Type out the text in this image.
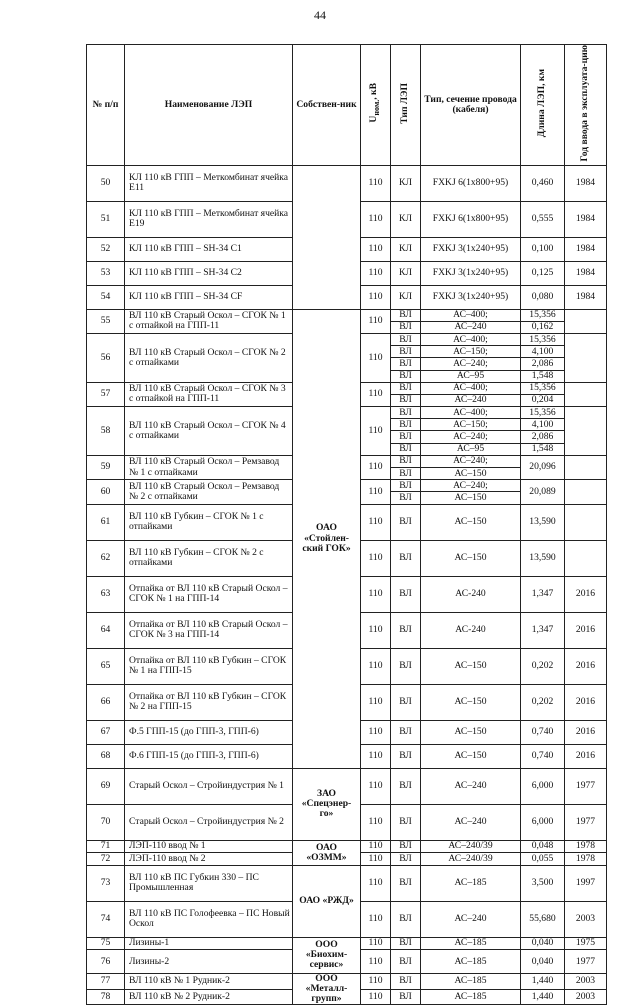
44
№ п/п	Наименование ЛЭП	Собствен-ник	$U_{ном.}$, кВ	Тип ЛЭП	Тип, сечение провода (кабеля)	Длина ЛЭП, км	Год ввода в эксплуата-цию
50	КЛ 110 кВ ГПП – Меткомбинат ячейка Е11		110	КЛ	FXKJ 6(1х800+95)	0,460	1984
51	КЛ 110 кВ ГПП – Меткомбинат ячейка Е19		110	КЛ	FXKJ 6(1х800+95)	0,555	1984
52	КЛ 110 кВ ГПП – SH-34 С1		110	КЛ	FXKJ 3(1х240+95)	0,100	1984
53	КЛ 110 кВ ГПП – SH-34 С2		110	КЛ	FXKJ 3(1х240+95)	0,125	1984
54	КЛ 110 кВ ГПП – SH-34 CF		110	КЛ	FXKJ 3(1х240+95)	0,080	1984
55	ВЛ 110 кВ Старый Оскол – СГОК № 1 с отпайкой на ГПП-11	ОАО «Стойлен-ский ГОК»	110	ВЛ	АС–400;	15,356	
				ВЛ	АС–240	0,162	
56	ВЛ 110 кВ Старый Оскол – СГОК № 2 с отпайками		110	ВЛ	АС–400;	15,356	
				ВЛ	АС–150;	4,100	
				ВЛ	АС–240;	2,086	
				ВЛ	АС–95	1,548	
57	ВЛ 110 кВ Старый Оскол – СГОК № 3 с отпайкой на ГПП-11		110	ВЛ	АС–400;	15,356	
				ВЛ	АС–240	0,204	
58	ВЛ 110 кВ Старый Оскол – СГОК № 4 с отпайками		110	ВЛ	АС–400;	15,356	
				ВЛ	АС–150;	4,100	
				ВЛ	АС–240;	2,086	
				ВЛ	АС–95	1,548	
59	ВЛ 110 кВ Старый Оскол – Ремзавод № 1 с отпайками		110	ВЛ	АС–240;	20,096	
				ВЛ	АС–150		
60	ВЛ 110 кВ Старый Оскол – Ремзавод № 2 с отпайками		110	ВЛ	АС–240;	20,089	
				ВЛ	АС–150		
61	ВЛ 110 кВ Губкин – СГОК № 1 с отпайками		110	ВЛ	АС–150	13,590	
62	ВЛ 110 кВ Губкин – СГОК № 2 с отпайками		110	ВЛ	АС–150	13,590	
63	Отпайка от ВЛ 110 кВ Старый Оскол – СГОК № 1 на ГПП-14		110	ВЛ	АС-240	1,347	2016
64	Отпайка от ВЛ 110 кВ Старый Оскол – СГОК № 3 на ГПП-14		110	ВЛ	АС-240	1,347	2016
65	Отпайка от ВЛ 110 кВ Губкин – СГОК № 1 на ГПП-15		110	ВЛ	АС–150	0,202	2016
66	Отпайка от ВЛ 110 кВ Губкин – СГОК № 2 на ГПП-15		110	ВЛ	АС–150	0,202	2016
67	Ф.5 ГПП-15 (до ГПП-3, ГПП-6)		110	ВЛ	АС–150	0,740	2016
68	Ф.6 ГПП-15 (до ГПП-3, ГПП-6)		110	ВЛ	АС–150	0,740	2016
69	Старый Оскол – Стройиндустрия № 1	ЗАО «Спецэнер-го»	110	ВЛ	АС–240	6,000	1977
70	Старый Оскол – Стройиндустрия № 2		110	ВЛ	АС–240	6,000	1977
71	ЛЭП-110 ввод № 1	ОАО «ОЗММ»	110	ВЛ	АС–240/39	0,048	1978
72	ЛЭП-110 ввод № 2		110	ВЛ	АС–240/39	0,055	1978
73	ВЛ 110 кВ ПС Губкин 330 – ПС Промышленная	ОАО «РЖД»	110	ВЛ	АС–185	3,500	1997
74	ВЛ 110 кВ ПС Голофеевка – ПС Новый Оскол		110	ВЛ	АС–240	55,680	2003
75	Лизины-1	ООО «Биохим-сервис»	110	ВЛ	АС–185	0,040	1975
76	Лизины-2		110	ВЛ	АС–185	0,040	1977
77	ВЛ 110 кВ № 1 Рудник-2	ООО «Металл-групп»	110	ВЛ	АС–185	1,440	2003
78	ВЛ 110 кВ № 2 Рудник-2		110	ВЛ	АС–185	1,440	2003
